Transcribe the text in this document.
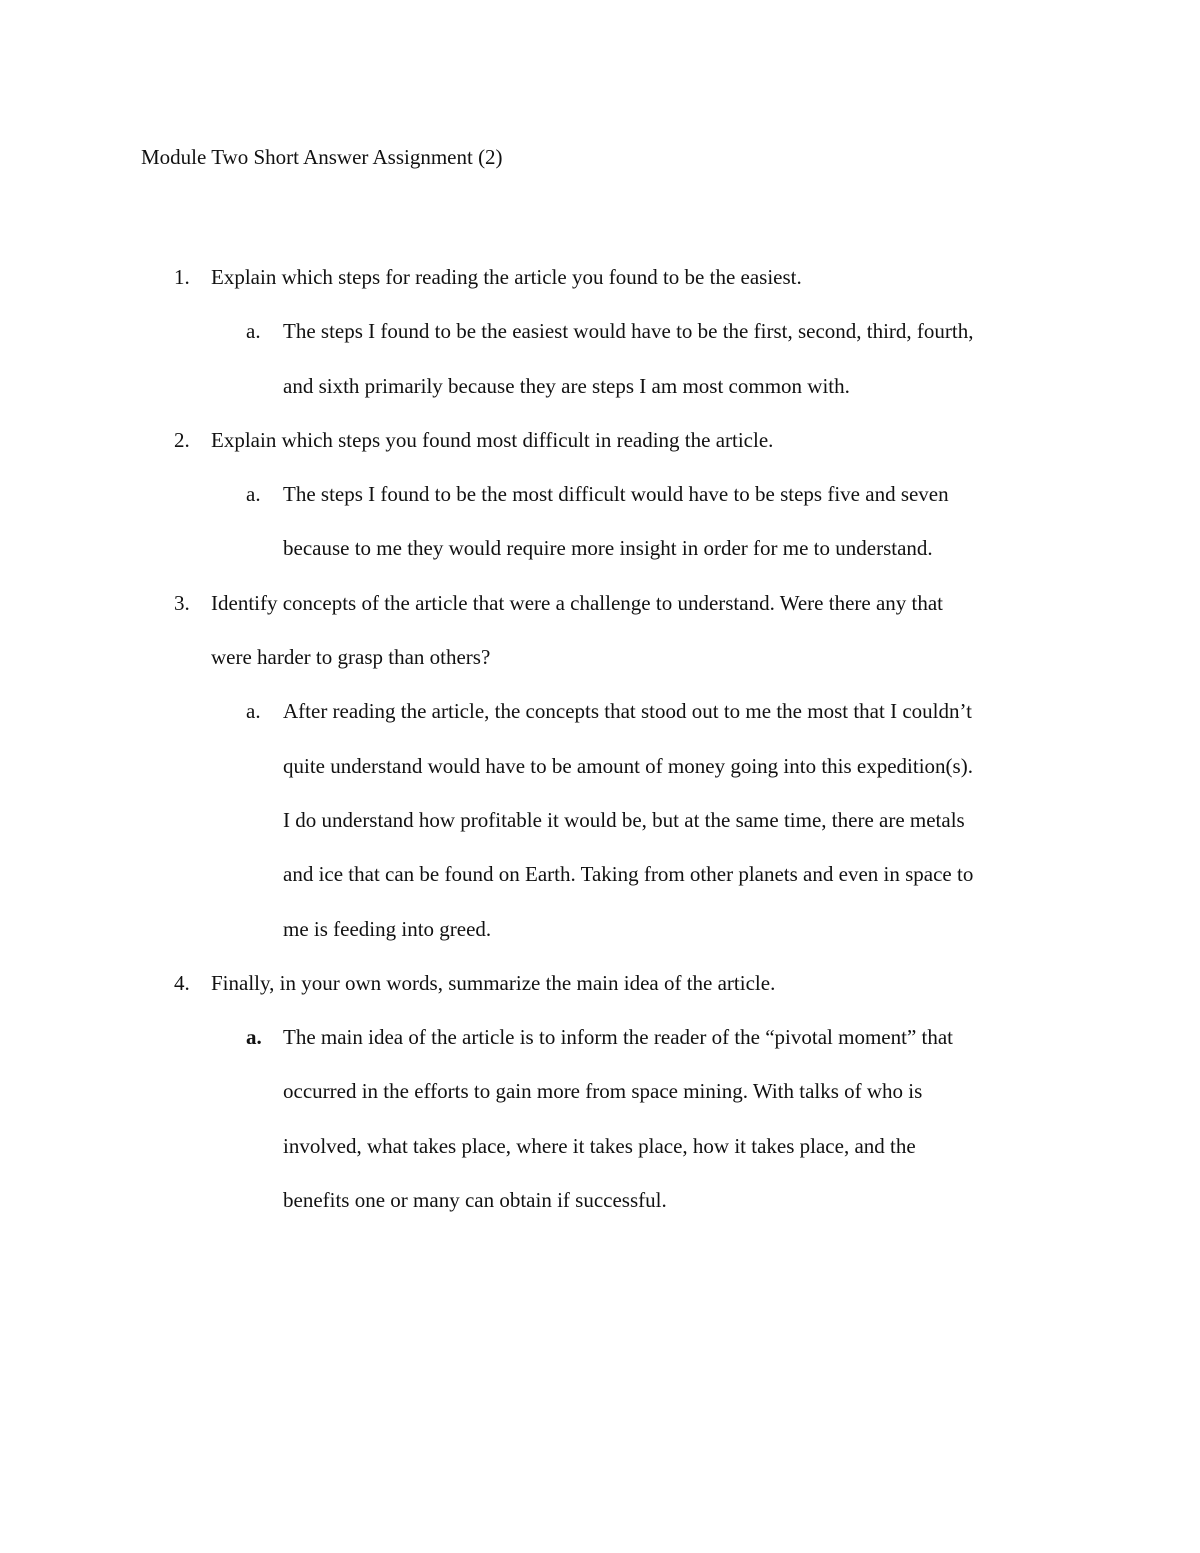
Module Two Short Answer Assignment (2)
1.	Explain which steps for reading the article you found to be the easiest.
a.	The steps I found to be the easiest would have to be the first, second, third, fourth,
and sixth primarily because they are steps I am most common with.
2.	Explain which steps you found most difficult in reading the article.
a.	The steps I found to be the most difficult would have to be steps five and seven
because to me they would require more insight in order for me to understand.
3.	Identify concepts of the article that were a challenge to understand. Were there any that
were harder to grasp than others?
a.	After reading the article, the concepts that stood out to me the most that I couldn’t
quite understand would have to be amount of money going into this expedition(s).
I do understand how profitable it would be, but at the same time, there are metals
and ice that can be found on Earth. Taking from other planets and even in space to
me is feeding into greed.
4.	Finally, in your own words, summarize the main idea of the article.
a.	The main idea of the article is to inform the reader of the “pivotal moment” that
occurred in the efforts to gain more from space mining. With talks of who is
involved, what takes place, where it takes place, how it takes place, and the
benefits one or many can obtain if successful.
